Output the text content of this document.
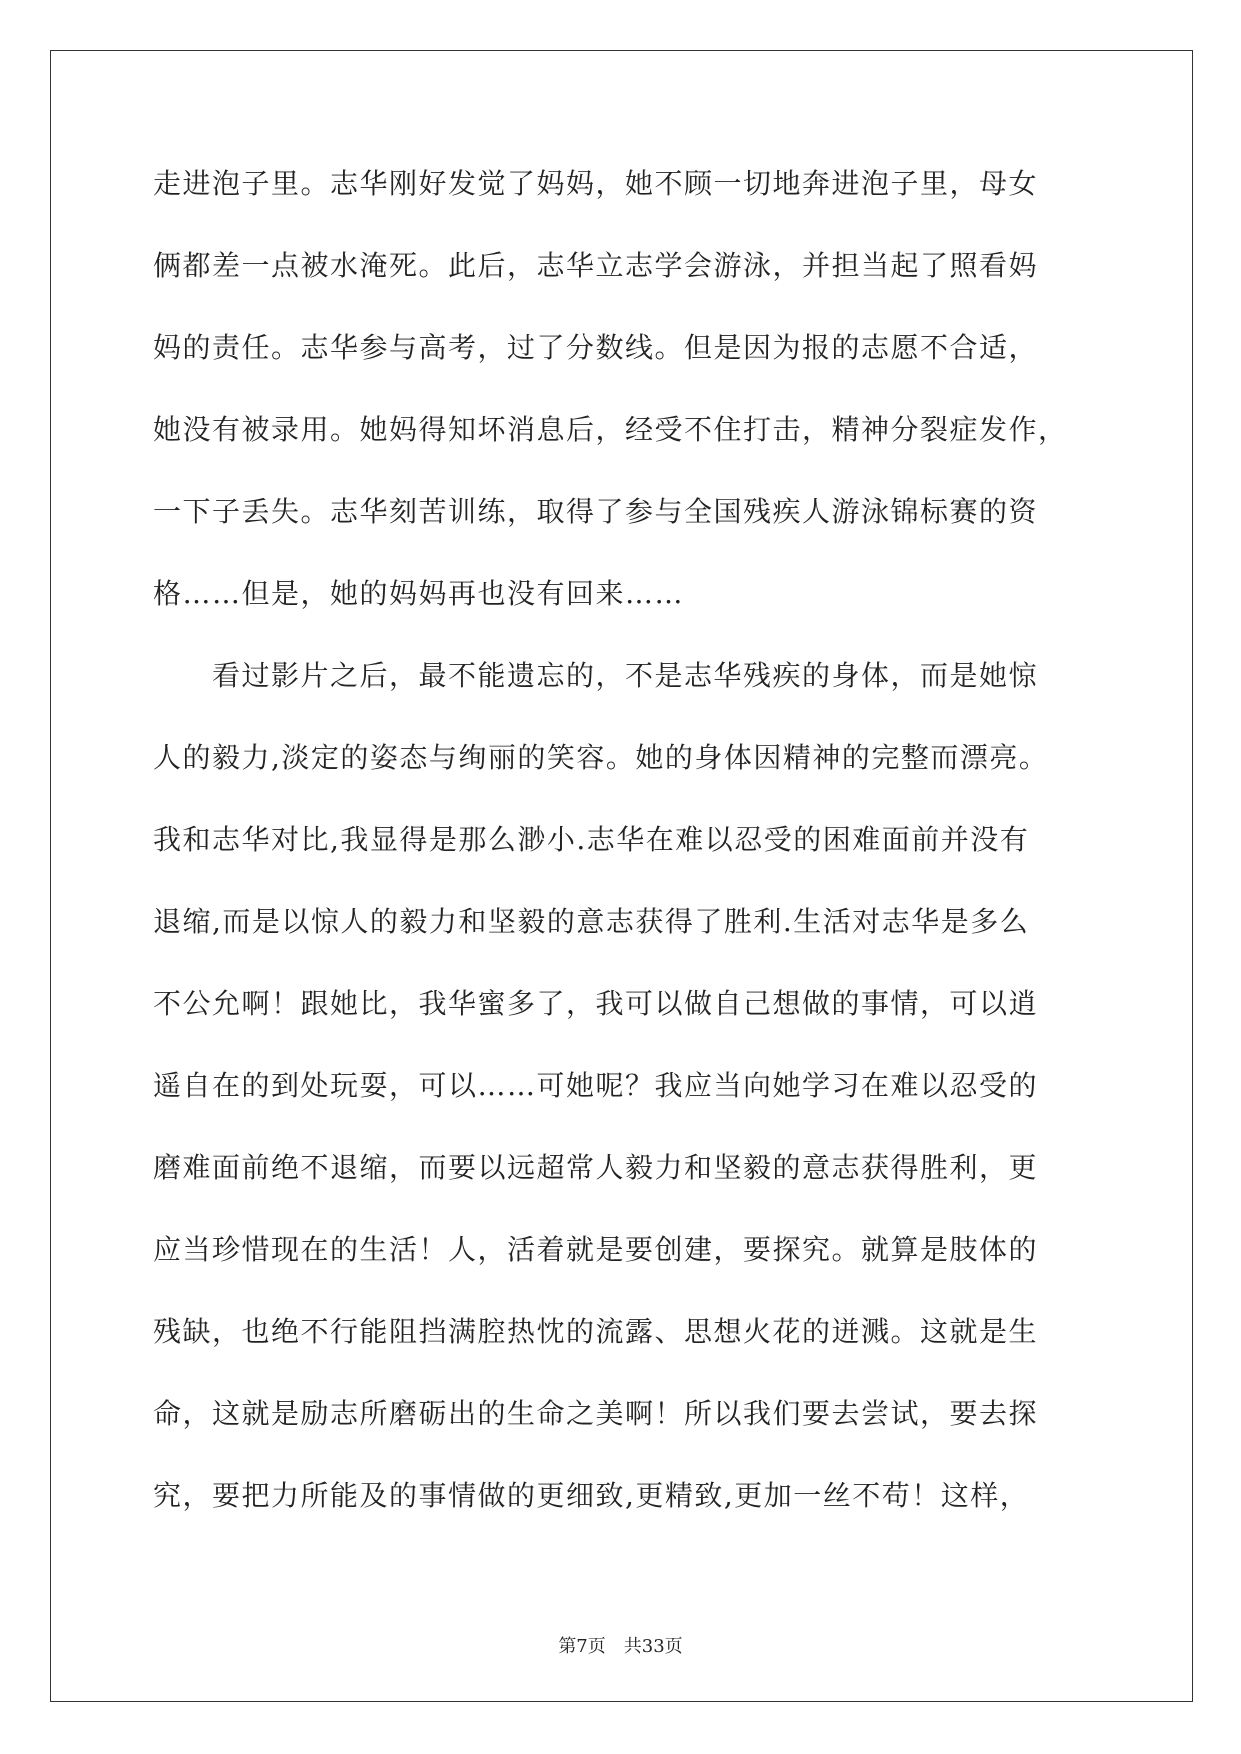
走进泡子里。志华刚好发觉了妈妈，她不顾一切地奔进泡子里，母女
俩都差一点被水淹死。此后，志华立志学会游泳，并担当起了照看妈
妈的责任。志华参与高考，过了分数线。但是因为报的志愿不合适，
她没有被录用。她妈得知坏消息后，经受不住打击，精神分裂症发作，
一下子丢失。志华刻苦训练，取得了参与全国残疾人游泳锦标赛的资
格……但是，她的妈妈再也没有回来……
　　看过影片之后，最不能遗忘的，不是志华残疾的身体，而是她惊
人的毅力,淡定的姿态与绚丽的笑容。她的身体因精神的完整而漂亮。
我和志华对比,我显得是那么渺小.志华在难以忍受的困难面前并没有
退缩,而是以惊人的毅力和坚毅的意志获得了胜利.生活对志华是多么
不公允啊！跟她比，我华蜜多了，我可以做自己想做的事情，可以逍
遥自在的到处玩耍，可以……可她呢？我应当向她学习在难以忍受的
磨难面前绝不退缩，而要以远超常人毅力和坚毅的意志获得胜利，更
应当珍惜现在的生活！人，活着就是要创建，要探究。就算是肢体的
残缺，也绝不行能阻挡满腔热忱的流露、思想火花的迸溅。这就是生
命，这就是励志所磨砺出的生命之美啊！所以我们要去尝试，要去探
究，要把力所能及的事情做的更细致,更精致,更加一丝不苟！这样，
第7页　共33页
